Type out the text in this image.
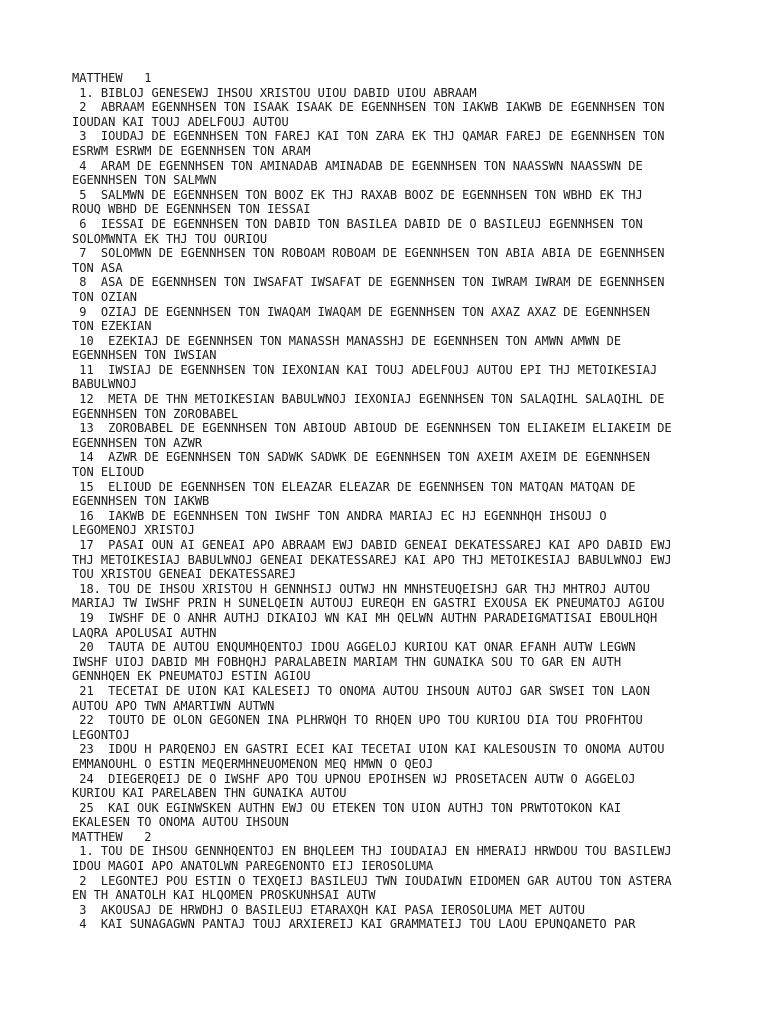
MATTHEW   1
1. BIBLOJ GENESEWJ IHSOU XRISTOU UIOU DABID UIOU ABRAAM
2  ABRAAM EGENNHSEN TON ISAAK ISAAK DE EGENNHSEN TON IAKWB IAKWB DE EGENNHSEN TON
IOUDAN KAI TOUJ ADELFOUJ AUTOU
3  IOUDAJ DE EGENNHSEN TON FAREJ KAI TON ZARA EK THJ QAMAR FAREJ DE EGENNHSEN TON
ESRWM ESRWM DE EGENNHSEN TON ARAM
4  ARAM DE EGENNHSEN TON AMINADAB AMINADAB DE EGENNHSEN TON NAASSWN NAASSWN DE
EGENNHSEN TON SALMWN
5  SALMWN DE EGENNHSEN TON BOOZ EK THJ RAXAB BOOZ DE EGENNHSEN TON WBHD EK THJ
ROUQ WBHD DE EGENNHSEN TON IESSAI
6  IESSAI DE EGENNHSEN TON DABID TON BASILEA DABID DE O BASILEUJ EGENNHSEN TON
SOLOMWNTA EK THJ TOU OURIOU
7  SOLOMWN DE EGENNHSEN TON ROBOAM ROBOAM DE EGENNHSEN TON ABIA ABIA DE EGENNHSEN
TON ASA
8  ASA DE EGENNHSEN TON IWSAFAT IWSAFAT DE EGENNHSEN TON IWRAM IWRAM DE EGENNHSEN
TON OZIAN
9  OZIAJ DE EGENNHSEN TON IWAQAM IWAQAM DE EGENNHSEN TON AXAZ AXAZ DE EGENNHSEN
TON EZEKIAN
10  EZEKIAJ DE EGENNHSEN TON MANASSH MANASSHJ DE EGENNHSEN TON AMWN AMWN DE
EGENNHSEN TON IWSIAN
11  IWSIAJ DE EGENNHSEN TON IEXONIAN KAI TOUJ ADELFOUJ AUTOU EPI THJ METOIKESIAJ
BABULWNOJ
12  META DE THN METOIKESIAN BABULWNOJ IEXONIAJ EGENNHSEN TON SALAQIHL SALAQIHL DE
EGENNHSEN TON ZOROBABEL
13  ZOROBABEL DE EGENNHSEN TON ABIOUD ABIOUD DE EGENNHSEN TON ELIAKEIM ELIAKEIM DE
EGENNHSEN TON AZWR
14  AZWR DE EGENNHSEN TON SADWK SADWK DE EGENNHSEN TON AXEIM AXEIM DE EGENNHSEN
TON ELIOUD
15  ELIOUD DE EGENNHSEN TON ELEAZAR ELEAZAR DE EGENNHSEN TON MATQAN MATQAN DE
EGENNHSEN TON IAKWB
16  IAKWB DE EGENNHSEN TON IWSHF TON ANDRA MARIAJ EC HJ EGENNHQH IHSOUJ O
LEGOMENOJ XRISTOJ
17  PASAI OUN AI GENEAI APO ABRAAM EWJ DABID GENEAI DEKATESSAREJ KAI APO DABID EWJ
THJ METOIKESIAJ BABULWNOJ GENEAI DEKATESSAREJ KAI APO THJ METOIKESIAJ BABULWNOJ EWJ
TOU XRISTOU GENEAI DEKATESSAREJ
18. TOU DE IHSOU XRISTOU H GENNHSIJ OUTWJ HN MNHSTEUQEISHJ GAR THJ MHTROJ AUTOU
MARIAJ TW IWSHF PRIN H SUNELQEIN AUTOUJ EUREQH EN GASTRI EXOUSA EK PNEUMATOJ AGIOU
19  IWSHF DE O ANHR AUTHJ DIKAIOJ WN KAI MH QELWN AUTHN PARADEIGMATISAI EBOULHQH
LAQRA APOLUSAI AUTHN
20  TAUTA DE AUTOU ENQUMHQENTOJ IDOU AGGELOJ KURIOU KAT ONAR EFANH AUTW LEGWN
IWSHF UIOJ DABID MH FOBHQHJ PARALABEIN MARIAM THN GUNAIKA SOU TO GAR EN AUTH
GENNHQEN EK PNEUMATOJ ESTIN AGIOU
21  TECETAI DE UION KAI KALESEIJ TO ONOMA AUTOU IHSOUN AUTOJ GAR SWSEI TON LAON
AUTOU APO TWN AMARTIWN AUTWN
22  TOUTO DE OLON GEGONEN INA PLHRWQH TO RHQEN UPO TOU KURIOU DIA TOU PROFHTOU
LEGONTOJ
23  IDOU H PARQENOJ EN GASTRI ECEI KAI TECETAI UION KAI KALESOUSIN TO ONOMA AUTOU
EMMANOUHL O ESTIN MEQERMHNEUOMENON MEQ HMWN O QEOJ
24  DIEGERQEIJ DE O IWSHF APO TOU UPNOU EPOIHSEN WJ PROSETACEN AUTW O AGGELOJ
KURIOU KAI PARELABEN THN GUNAIKA AUTOU
25  KAI OUK EGINWSKEN AUTHN EWJ OU ETEKEN TON UION AUTHJ TON PRWTOTOKON KAI
EKALESEN TO ONOMA AUTOU IHSOUN
MATTHEW   2
1. TOU DE IHSOU GENNHQENTOJ EN BHQLEEM THJ IOUDAIAJ EN HMERAIJ HRWDOU TOU BASILEWJ
IDOU MAGOI APO ANATOLWN PAREGENONTO EIJ IEROSOLUMA
2  LEGONTEJ POU ESTIN O TEXQEIJ BASILEUJ TWN IOUDAIWN EIDOMEN GAR AUTOU TON ASTERA
EN TH ANATOLH KAI HLQOMEN PROSKUNHSAI AUTW
3  AKOUSAJ DE HRWDHJ O BASILEUJ ETARAXQH KAI PASA IEROSOLUMA MET AUTOU
4  KAI SUNAGAGWN PANTAJ TOUJ ARXIEREIJ KAI GRAMMATEIJ TOU LAOU EPUNQANETO PAR
